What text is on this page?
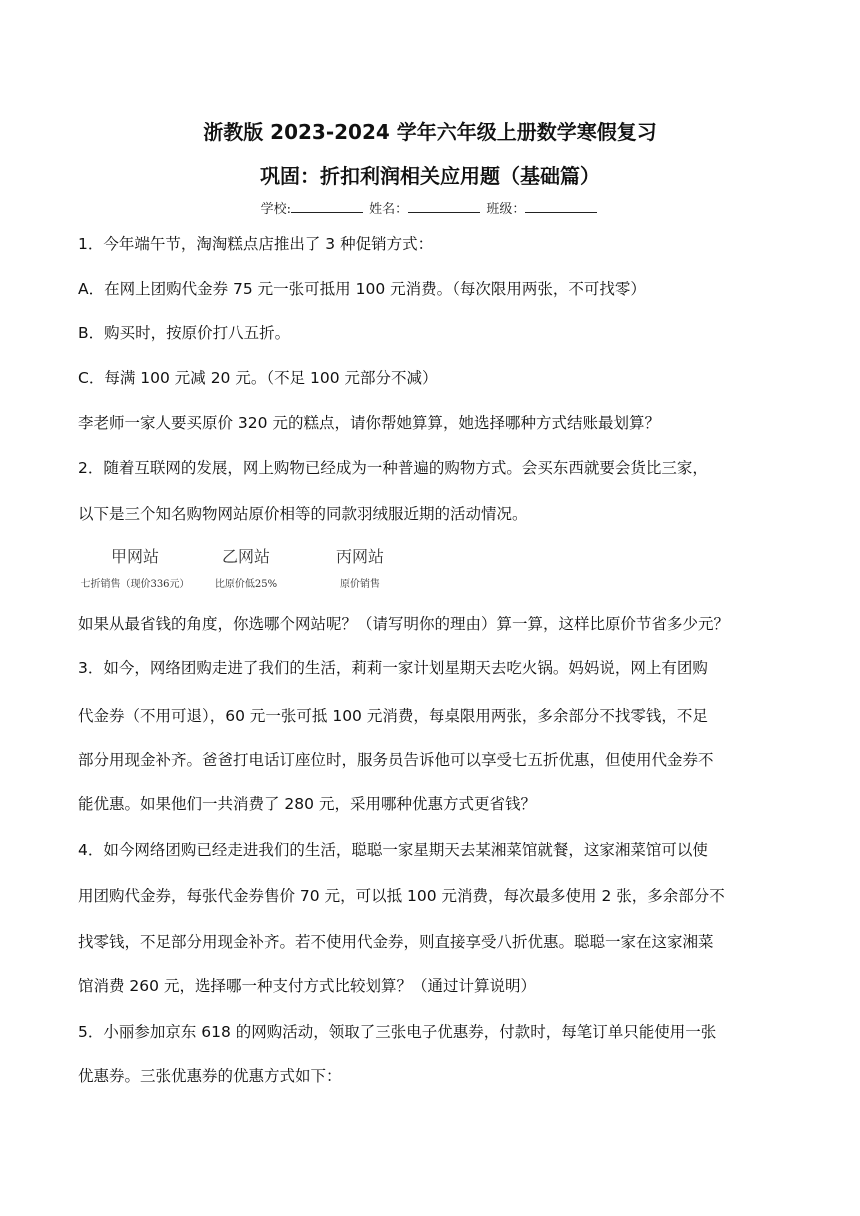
浙教版 2023-2024 学年六年级上册数学寒假复习
巩固：折扣利润相关应用题（基础篇）
学校:	姓名：	班级：
1．今年端午节，淘淘糕点店推出了 3 种促销方式：
A．在网上团购代金券 75 元一张可抵用 100 元消费。（每次限用两张，不可找零）
B．购买时，按原价打八五折。
C．每满 100 元减 20 元。（不足 100 元部分不减）
李老师一家人要买原价 320 元的糕点，请你帮她算算，她选择哪种方式结账最划算？
2．随着互联网的发展，网上购物已经成为一种普遍的购物方式。会买东西就要会货比三家，
以下是三个知名购物网站原价相等的同款羽绒服近期的活动情况。
甲网站
七折销售（现价336元）
乙网站
比原价低25%
丙网站
原价销售
如果从最省钱的角度，你选哪个网站呢？（请写明你的理由）算一算，这样比原价节省多少元？
3．如今，网络团购走进了我们的生活，莉莉一家计划星期天去吃火锅。妈妈说，网上有团购
代金券（不用可退），60 元一张可抵 100 元消费，每桌限用两张，多余部分不找零钱，不足
部分用现金补齐。爸爸打电话订座位时，服务员告诉他可以享受七五折优惠，但使用代金券不
能优惠。如果他们一共消费了 280 元，采用哪种优惠方式更省钱？
4．如今网络团购已经走进我们的生活，聪聪一家星期天去某湘菜馆就餐，这家湘菜馆可以使
用团购代金券，每张代金券售价 70 元，可以抵 100 元消费，每次最多使用 2 张，多余部分不
找零钱，不足部分用现金补齐。若不使用代金券，则直接享受八折优惠。聪聪一家在这家湘菜
馆消费 260 元，选择哪一种支付方式比较划算？（通过计算说明）
5．小丽参加京东 618 的网购活动，领取了三张电子优惠券，付款时，每笔订单只能使用一张
优惠券。三张优惠券的优惠方式如下：
